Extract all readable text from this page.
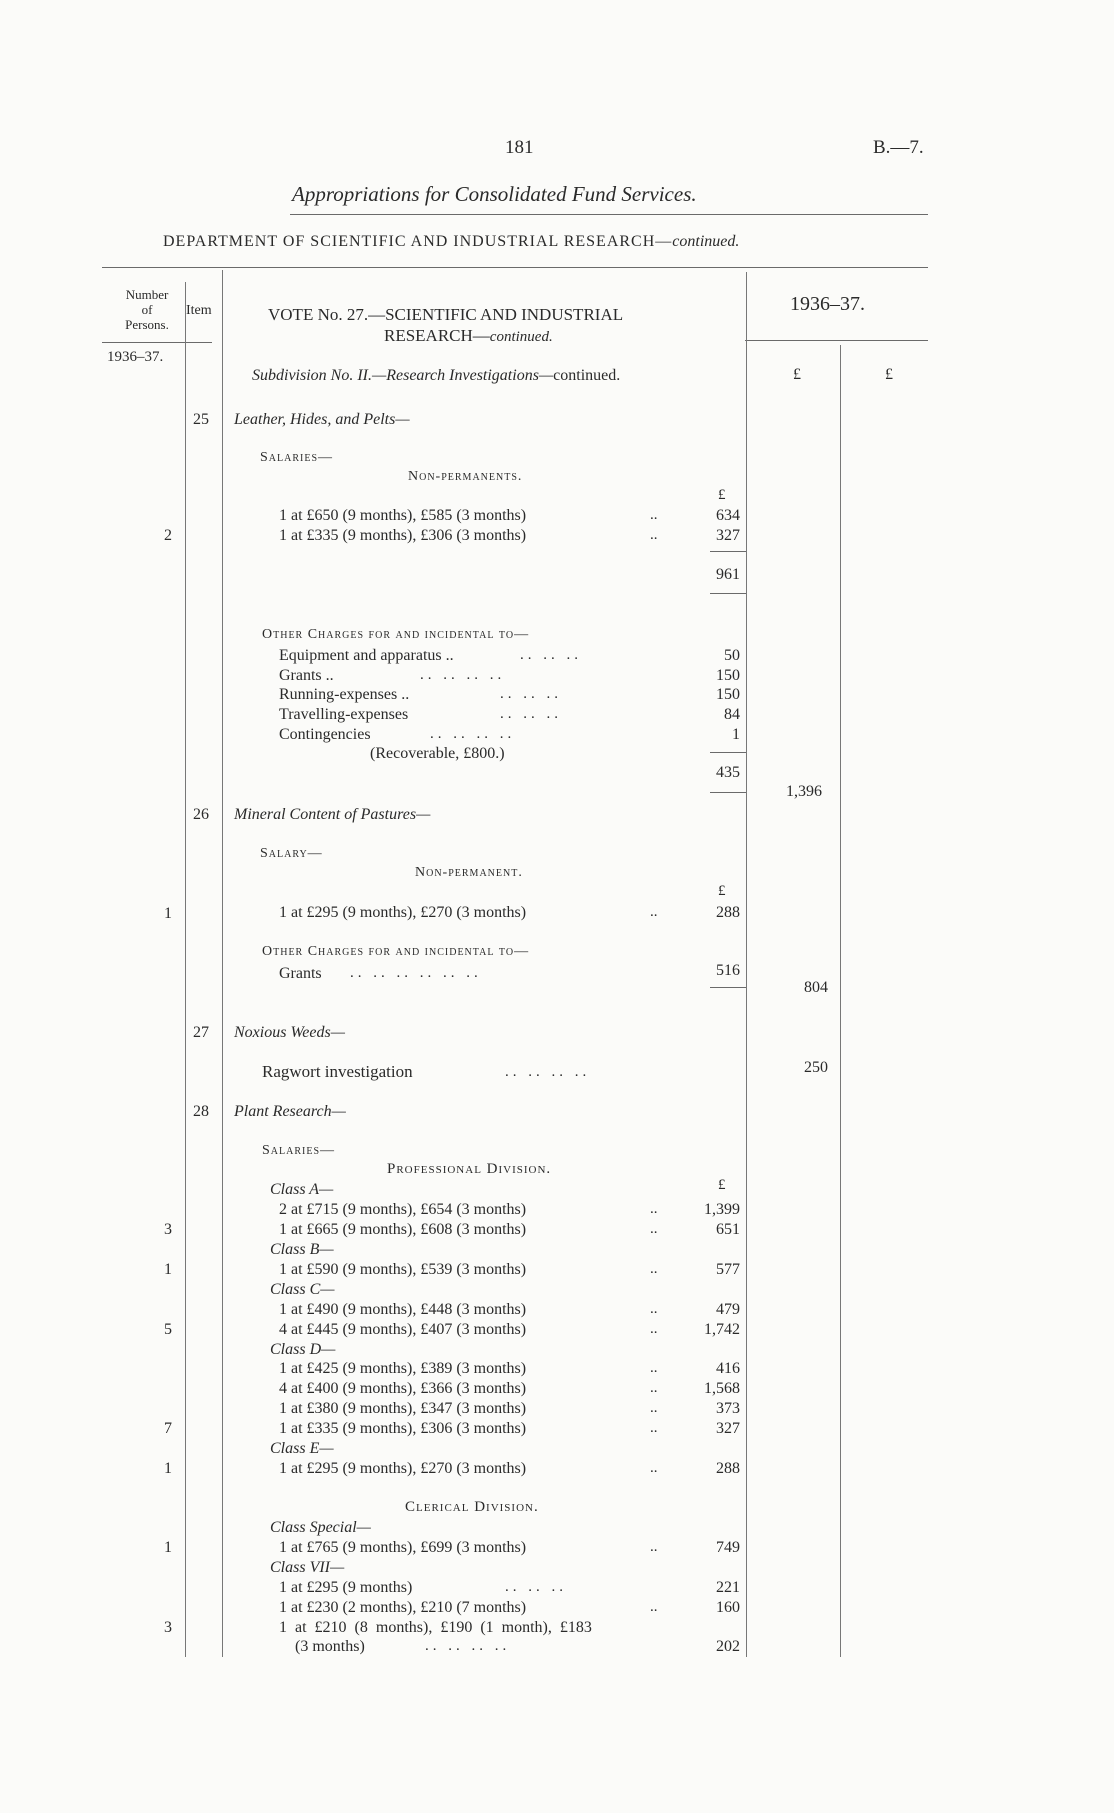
181	B.—7.
Appropriations for Consolidated Fund Services.
DEPARTMENT OF SCIENTIFIC AND INDUSTRIAL RESEARCH—continued.
Number
of
Persons.
Item	VOTE No. 27.—SCIENTIFIC AND INDUSTRIAL
RESEARCH—continued.
1936–37.
1936–37.
Subdivision No. II.—Research Investigations—continued.	£	£
25 Leather, Hides, and Pelts—
Salaries—
Non-permanents.
£
1 at £650 (9 months), £585 (3 months)	..	634
2	1 at £335 (9 months), £306 (3 months)	..	327
961
Other Charges for and incidental to—
Equipment and apparatus ..	.. .. ..	50
Grants ..	.. .. .. ..	150
Running-expenses ..	.. .. ..	150
Travelling-expenses	.. .. ..	84
Contingencies	.. .. .. ..	1
(Recoverable, £800.)
435
1,396
26 Mineral Content of Pastures—
Salary—
Non-permanent.
£
1	1 at £295 (9 months), £270 (3 months)	..	288
Other Charges for and incidental to—
Grants .. .. .. .. .. ..	516
804
27 Noxious Weeds—
Ragwort investigation	.. .. .. ..	250
28 Plant Research—
Salaries—
Professional Division.
£
Class A—
2 at £715 (9 months), £654 (3 months)	..	1,399
3	1 at £665 (9 months), £608 (3 months)	..	651
Class B—
1	1 at £590 (9 months), £539 (3 months)	..	577
Class C—
1 at £490 (9 months), £448 (3 months)	..	479
5	4 at £445 (9 months), £407 (3 months)	..	1,742
Class D—
1 at £425 (9 months), £389 (3 months)	..	416
4 at £400 (9 months), £366 (3 months)	..	1,568
1 at £380 (9 months), £347 (3 months)	..	373
7	1 at £335 (9 months), £306 (3 months)	..	327
Class E—
1	1 at £295 (9 months), £270 (3 months)	..	288
Clerical Division.
Class Special—
1	1 at £765 (9 months), £699 (3 months)	..	749
Class VII—
1 at £295 (9 months)	.. .. ..	221
1 at £230 (2 months), £210 (7 months)	..	160
3	1 at £210 (8 months), £190 (1 month), £183
(3 months)	.. .. .. ..	202
